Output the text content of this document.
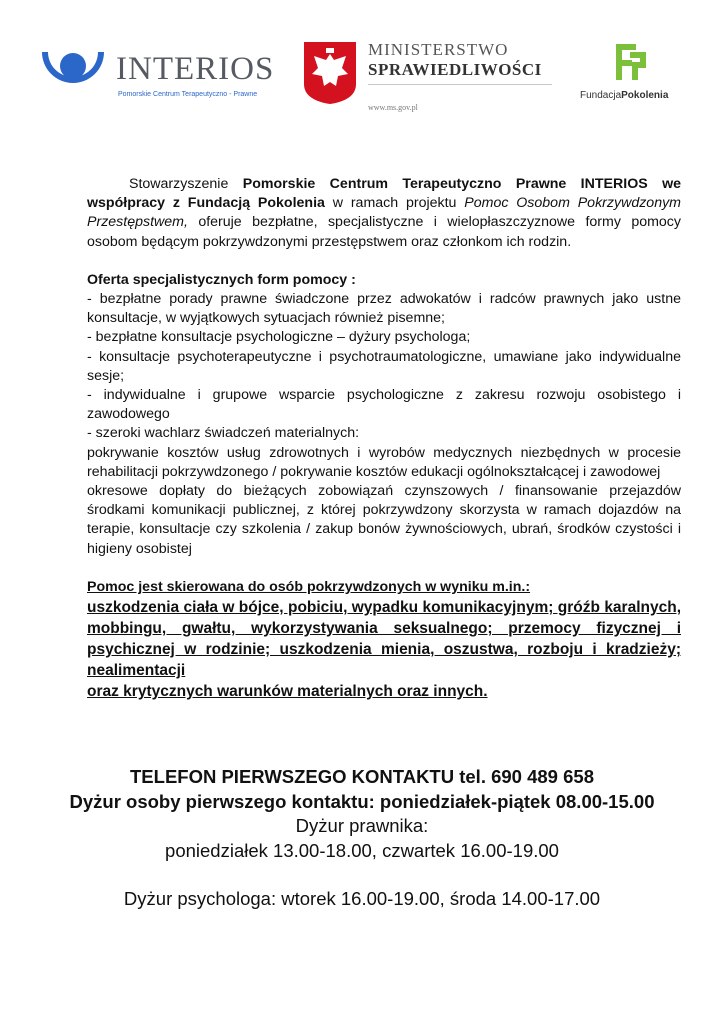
INTERIOS
Pomorskie Centrum Terapeutyczno - Prawne
MINISTERSTWO
SPRAWIEDLIWOŚCI
www.ms.gov.pl
FundacjaPokolenia

Stowarzyszenie Pomorskie Centrum Terapeutyczno Prawne INTERIOS we współpracy z Fundacją Pokolenia w ramach projektu Pomoc Osobom Pokrzywdzonym Przestępstwem, oferuje bezpłatne, specjalistyczne i wielopłaszczyznowe formy pomocy osobom będącym pokrzywdzonymi przestępstwem oraz członkom ich rodzin.

Oferta specjalistycznych form pomocy :

- bezpłatne porady prawne świadczone przez adwokatów i radców prawnych jako ustne konsultacje, w wyjątkowych sytuacjach również pisemne;

- bezpłatne konsultacje psychologiczne – dyżury psychologa;

- konsultacje psychoterapeutyczne i psychotraumatologiczne, umawiane jako indywidualne sesje;

- indywidualne i grupowe wsparcie psychologiczne z zakresu rozwoju osobistego i zawodowego

- szeroki wachlarz świadczeń materialnych:

pokrywanie kosztów usług zdrowotnych i wyrobów medycznych niezbędnych w procesie rehabilitacji pokrzywdzonego / pokrywanie kosztów edukacji ogólnokształcącej i zawodowej

okresowe dopłaty do bieżących zobowiązań czynszowych / finansowanie przejazdów środkami komunikacji publicznej, z której pokrzywdzony skorzysta w ramach dojazdów na terapie, konsultacje czy szkolenia / zakup bonów żywnościowych, ubrań, środków czystości i higieny osobistej

Pomoc jest skierowana do osób pokrzywdzonych w wyniku m.in.:

uszkodzenia ciała w bójce, pobiciu, wypadku komunikacyjnym; gróźb karalnych, mobbingu, gwałtu, wykorzystywania seksualnego; przemocy fizycznej i psychicznej w rodzinie; uszkodzenia mienia, oszustwa, rozboju i kradzieży; nealimentacji

oraz krytycznych warunków materialnych oraz innych.

TELEFON PIERWSZEGO KONTAKTU tel. 690 489 658

Dyżur osoby pierwszego kontaktu: poniedziałek-piątek 08.00-15.00

Dyżur prawnika:

poniedziałek 13.00-18.00, czwartek 16.00-19.00

Dyżur psychologa: wtorek 16.00-19.00, środa 14.00-17.00
